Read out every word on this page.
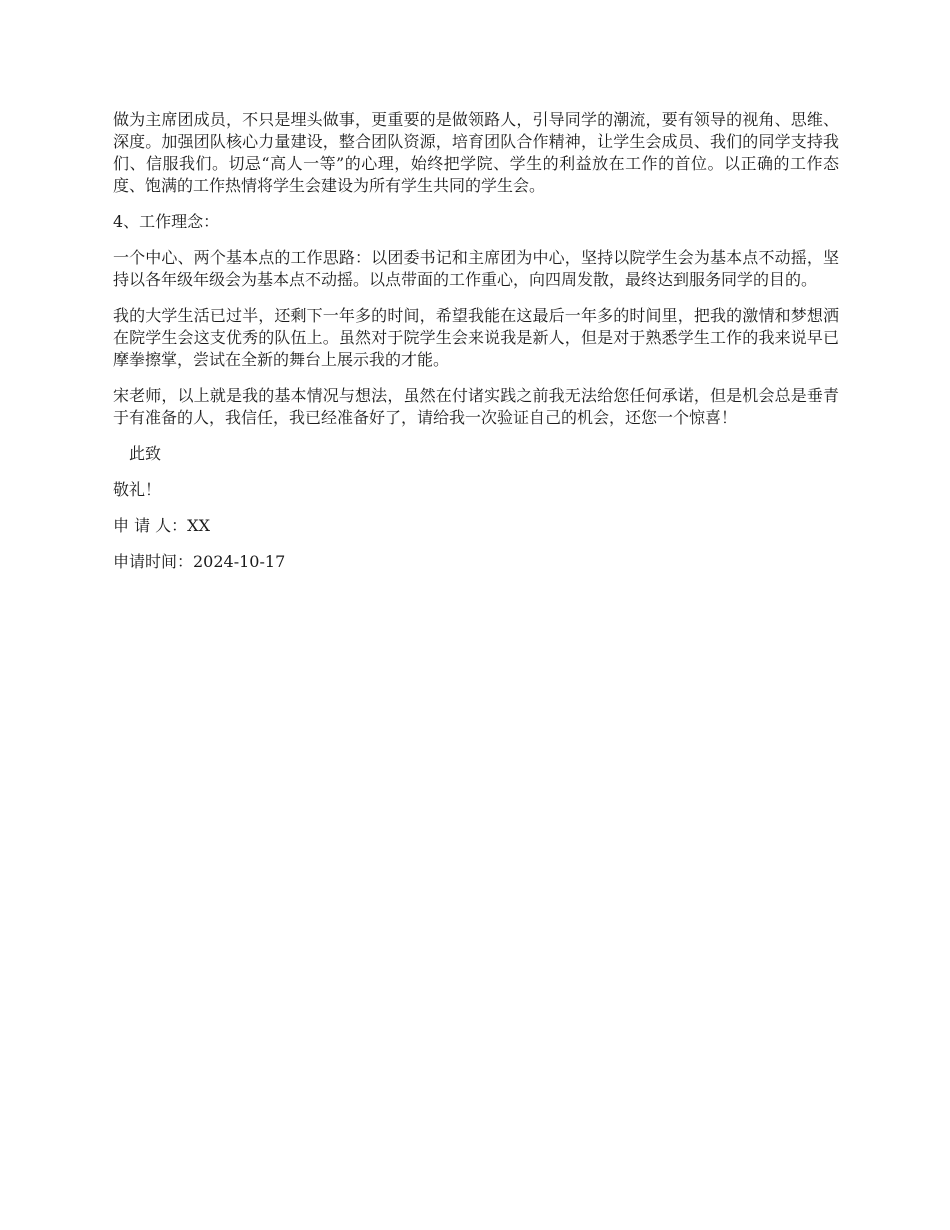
做为主席团成员，不只是埋头做事，更重要的是做领路人，引导同学的潮流，要有领导的视角、思维、深度。加强团队核心力量建设，整合团队资源，培育团队合作精神，让学生会成员、我们的同学支持我们、信服我们。切忌“高人一等”的心理，始终把学院、学生的利益放在工作的首位。以正确的工作态度、饱满的工作热情将学生会建设为所有学生共同的学生会。

4、工作理念：

一个中心、两个基本点的工作思路：以团委书记和主席团为中心，坚持以院学生会为基本点不动摇，坚持以各年级年级会为基本点不动摇。以点带面的工作重心，向四周发散，最终达到服务同学的目的。

我的大学生活已过半，还剩下一年多的时间，希望我能在这最后一年多的时间里，把我的激情和梦想洒在院学生会这支优秀的队伍上。虽然对于院学生会来说我是新人，但是对于熟悉学生工作的我来说早已摩拳擦掌，尝试在全新的舞台上展示我的才能。

宋老师，以上就是我的基本情况与想法，虽然在付诸实践之前我无法给您任何承诺，但是机会总是垂青于有准备的人，我信任，我已经准备好了，请给我一次验证自己的机会，还您一个惊喜！

此致

敬礼！

申 请 人：XX

申请时间：2024-10-17
